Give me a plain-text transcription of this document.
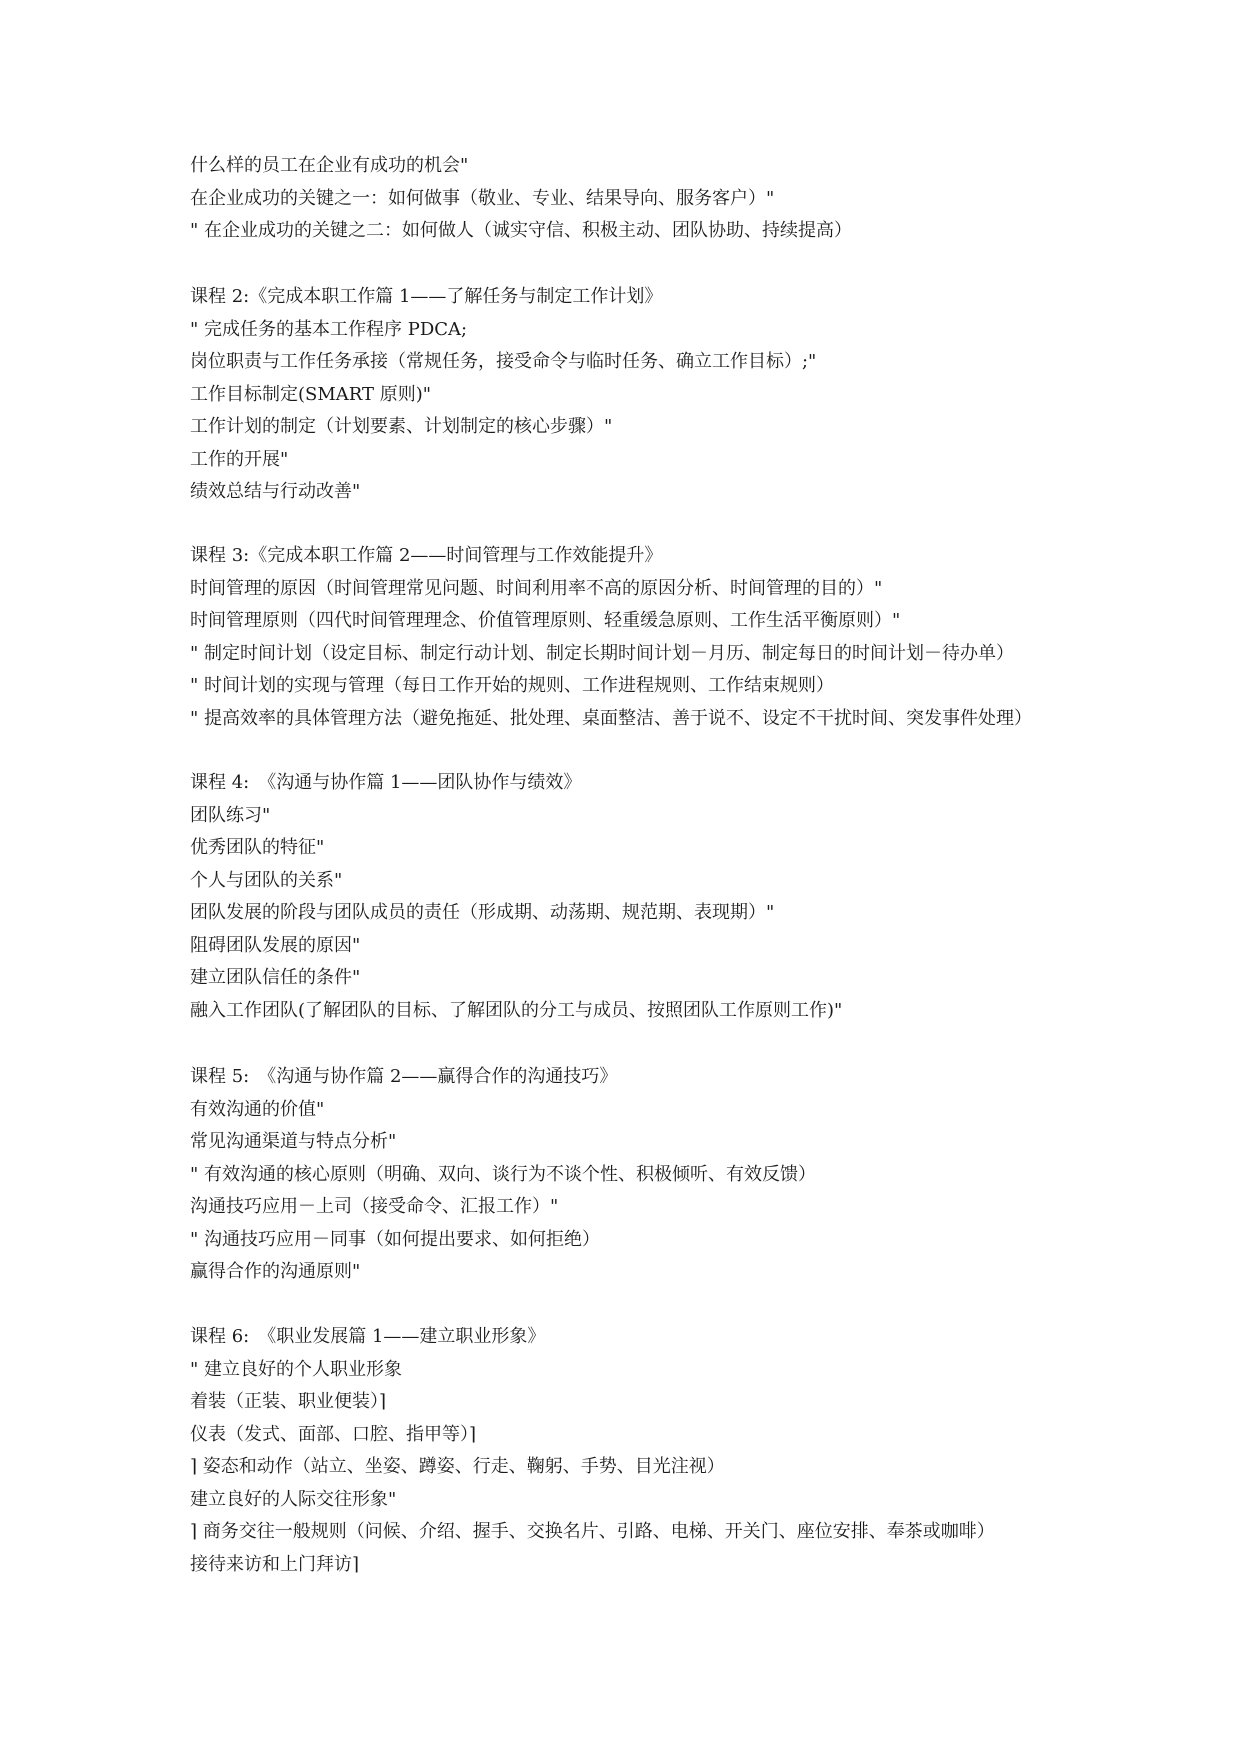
什么样的员工在企业有成功的机会"
在企业成功的关键之一：如何做事（敬业、专业、结果导向、服务客户）"
" 在企业成功的关键之二：如何做人（诚实守信、积极主动、团队协助、持续提高）
课程 2:《完成本职工作篇 1——了解任务与制定工作计划》
" 完成任务的基本工作程序 PDCA;
岗位职责与工作任务承接（常规任务，接受命令与临时任务、确立工作目标）;"
工作目标制定(SMART 原则)"
工作计划的制定（计划要素、计划制定的核心步骤）"
工作的开展"
绩效总结与行动改善"
课程 3:《完成本职工作篇 2——时间管理与工作效能提升》
时间管理的原因（时间管理常见问题、时间利用率不高的原因分析、时间管理的目的）"
时间管理原则（四代时间管理理念、价值管理原则、轻重缓急原则、工作生活平衡原则）"
" 制定时间计划（设定目标、制定行动计划、制定长期时间计划－月历、制定每日的时间计划－待办单）
" 时间计划的实现与管理（每日工作开始的规则、工作进程规则、工作结束规则）
" 提高效率的具体管理方法（避免拖延、批处理、桌面整洁、善于说不、设定不干扰时间、突发事件处理）
课程 4:　《沟通与协作篇 1——团队协作与绩效》
团队练习"
优秀团队的特征"
个人与团队的关系"
团队发展的阶段与团队成员的责任（形成期、动荡期、规范期、表现期）"
阻碍团队发展的原因"
建立团队信任的条件"
融入工作团队(了解团队的目标、了解团队的分工与成员、按照团队工作原则工作)"
课程 5:　《沟通与协作篇 2——赢得合作的沟通技巧》
有效沟通的价值"
常见沟通渠道与特点分析"
" 有效沟通的核心原则（明确、双向、谈行为不谈个性、积极倾听、有效反馈）
沟通技巧应用－上司（接受命令、汇报工作）"
" 沟通技巧应用－同事（如何提出要求、如何拒绝）
赢得合作的沟通原则"
课程 6:　《职业发展篇 1——建立职业形象》
" 建立良好的个人职业形象
着装（正装、职业便装）⌉
仪表（发式、面部、口腔、指甲等）⌉
⌉ 姿态和动作（站立、坐姿、蹲姿、行走、鞠躬、手势、目光注视）
建立良好的人际交往形象"
⌉ 商务交往一般规则（问候、介绍、握手、交换名片、引路、电梯、开关门、座位安排、奉茶或咖啡）
接待来访和上门拜访⌉
